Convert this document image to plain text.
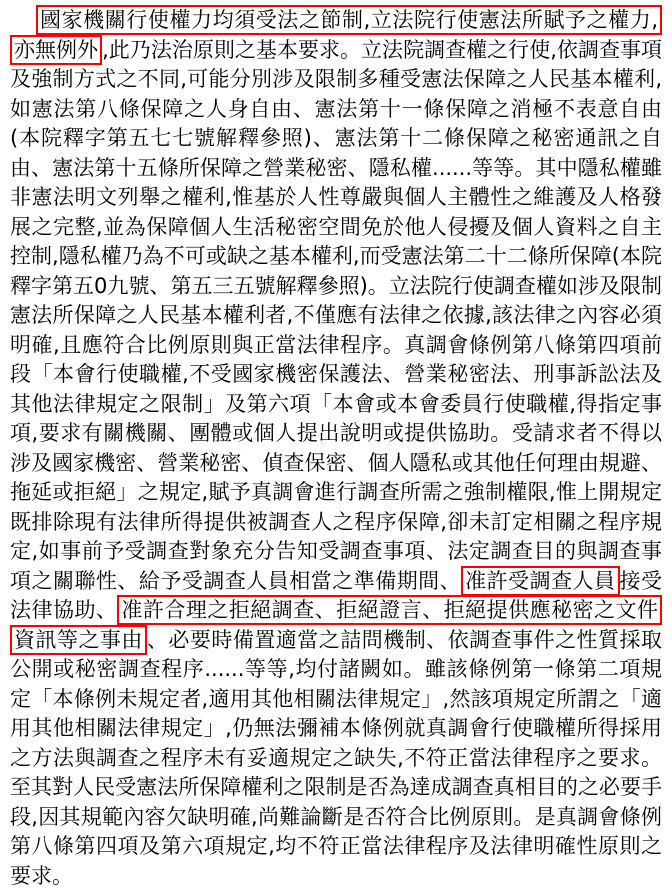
國家機關行使權力均須受法之節制,立法院行使憲法所賦予之權力,亦無例外 ,此乃法治原則之基本要求。立法院調查權之行使,依調查事項及強制方式之不同,可能分別涉及限制多種受憲法保障之人民基本權利,如憲法第八條保障之人身自由、憲法第十一條保障之消極不表意自由(本院釋字第五七七號解釋參照)、憲法第十二條保障之秘密通訊之自由、憲法第十五條所保障之營業秘密、隱私權......等等。其中隱私權雖非憲法明文列舉之權利,惟基於人性尊嚴與個人主體性之維護及人格發展之完整,並為保障個人生活秘密空間免於他人侵擾及個人資料之自主控制,隱私權乃為不可或缺之基本權利,而受憲法第二十二條所保障(本院釋字第五0九號、第五三五號解釋參照)。立法院行使調查權如涉及限制憲法所保障之人民基本權利者,不僅應有法律之依據,該法律之內容必須明確,且應符合比例原則與正當法律程序。真調會條例第八條第四項前段「本會行使職權,不受國家機密保護法、營業秘密法、刑事訴訟法及其他法律規定之限制」及第六項「本會或本會委員行使職權,得指定事項,要求有關機關、團體或個人提出說明或提供協助。受請求者不得以涉及國家機密、營業秘密、偵查保密、個人隱私或其他任何理由規避、拖延或拒絕」之規定,賦予真調會進行調查所需之強制權限,惟上開規定既排除現有法律所得提供被調查人之程序保障,卻未訂定相關之程序規定,如事前予受調查對象充分告知受調查事項、法定調查目的與調查事項之關聯性、給予受調查人員相當之準備期間、 准許受調查人員 接受法律協助、 准許合理之拒絕調查、拒絕證言、拒絕提供應秘密之文件資訊等之事由 、必要時備置適當之詰問機制、依調查事件之性質採取公開或秘密調查程序......等等,均付諸闕如。雖該條例第一條第二項規定「本條例未規定者,適用其他相關法律規定」,然該項規定所謂之「適用其他相關法律規定」,仍無法彌補本條例就真調會行使職權所得採用之方法與調查之程序未有妥適規定之缺失,不符正當法律程序之要求。至其對人民受憲法所保障權利之限制是否為達成調查真相目的之必要手段,因其規範內容欠缺明確,尚難論斷是否符合比例原則。是真調會條例第八條第四項及第六項規定,均不符正當法律程序及法律明確性原則之要求。
